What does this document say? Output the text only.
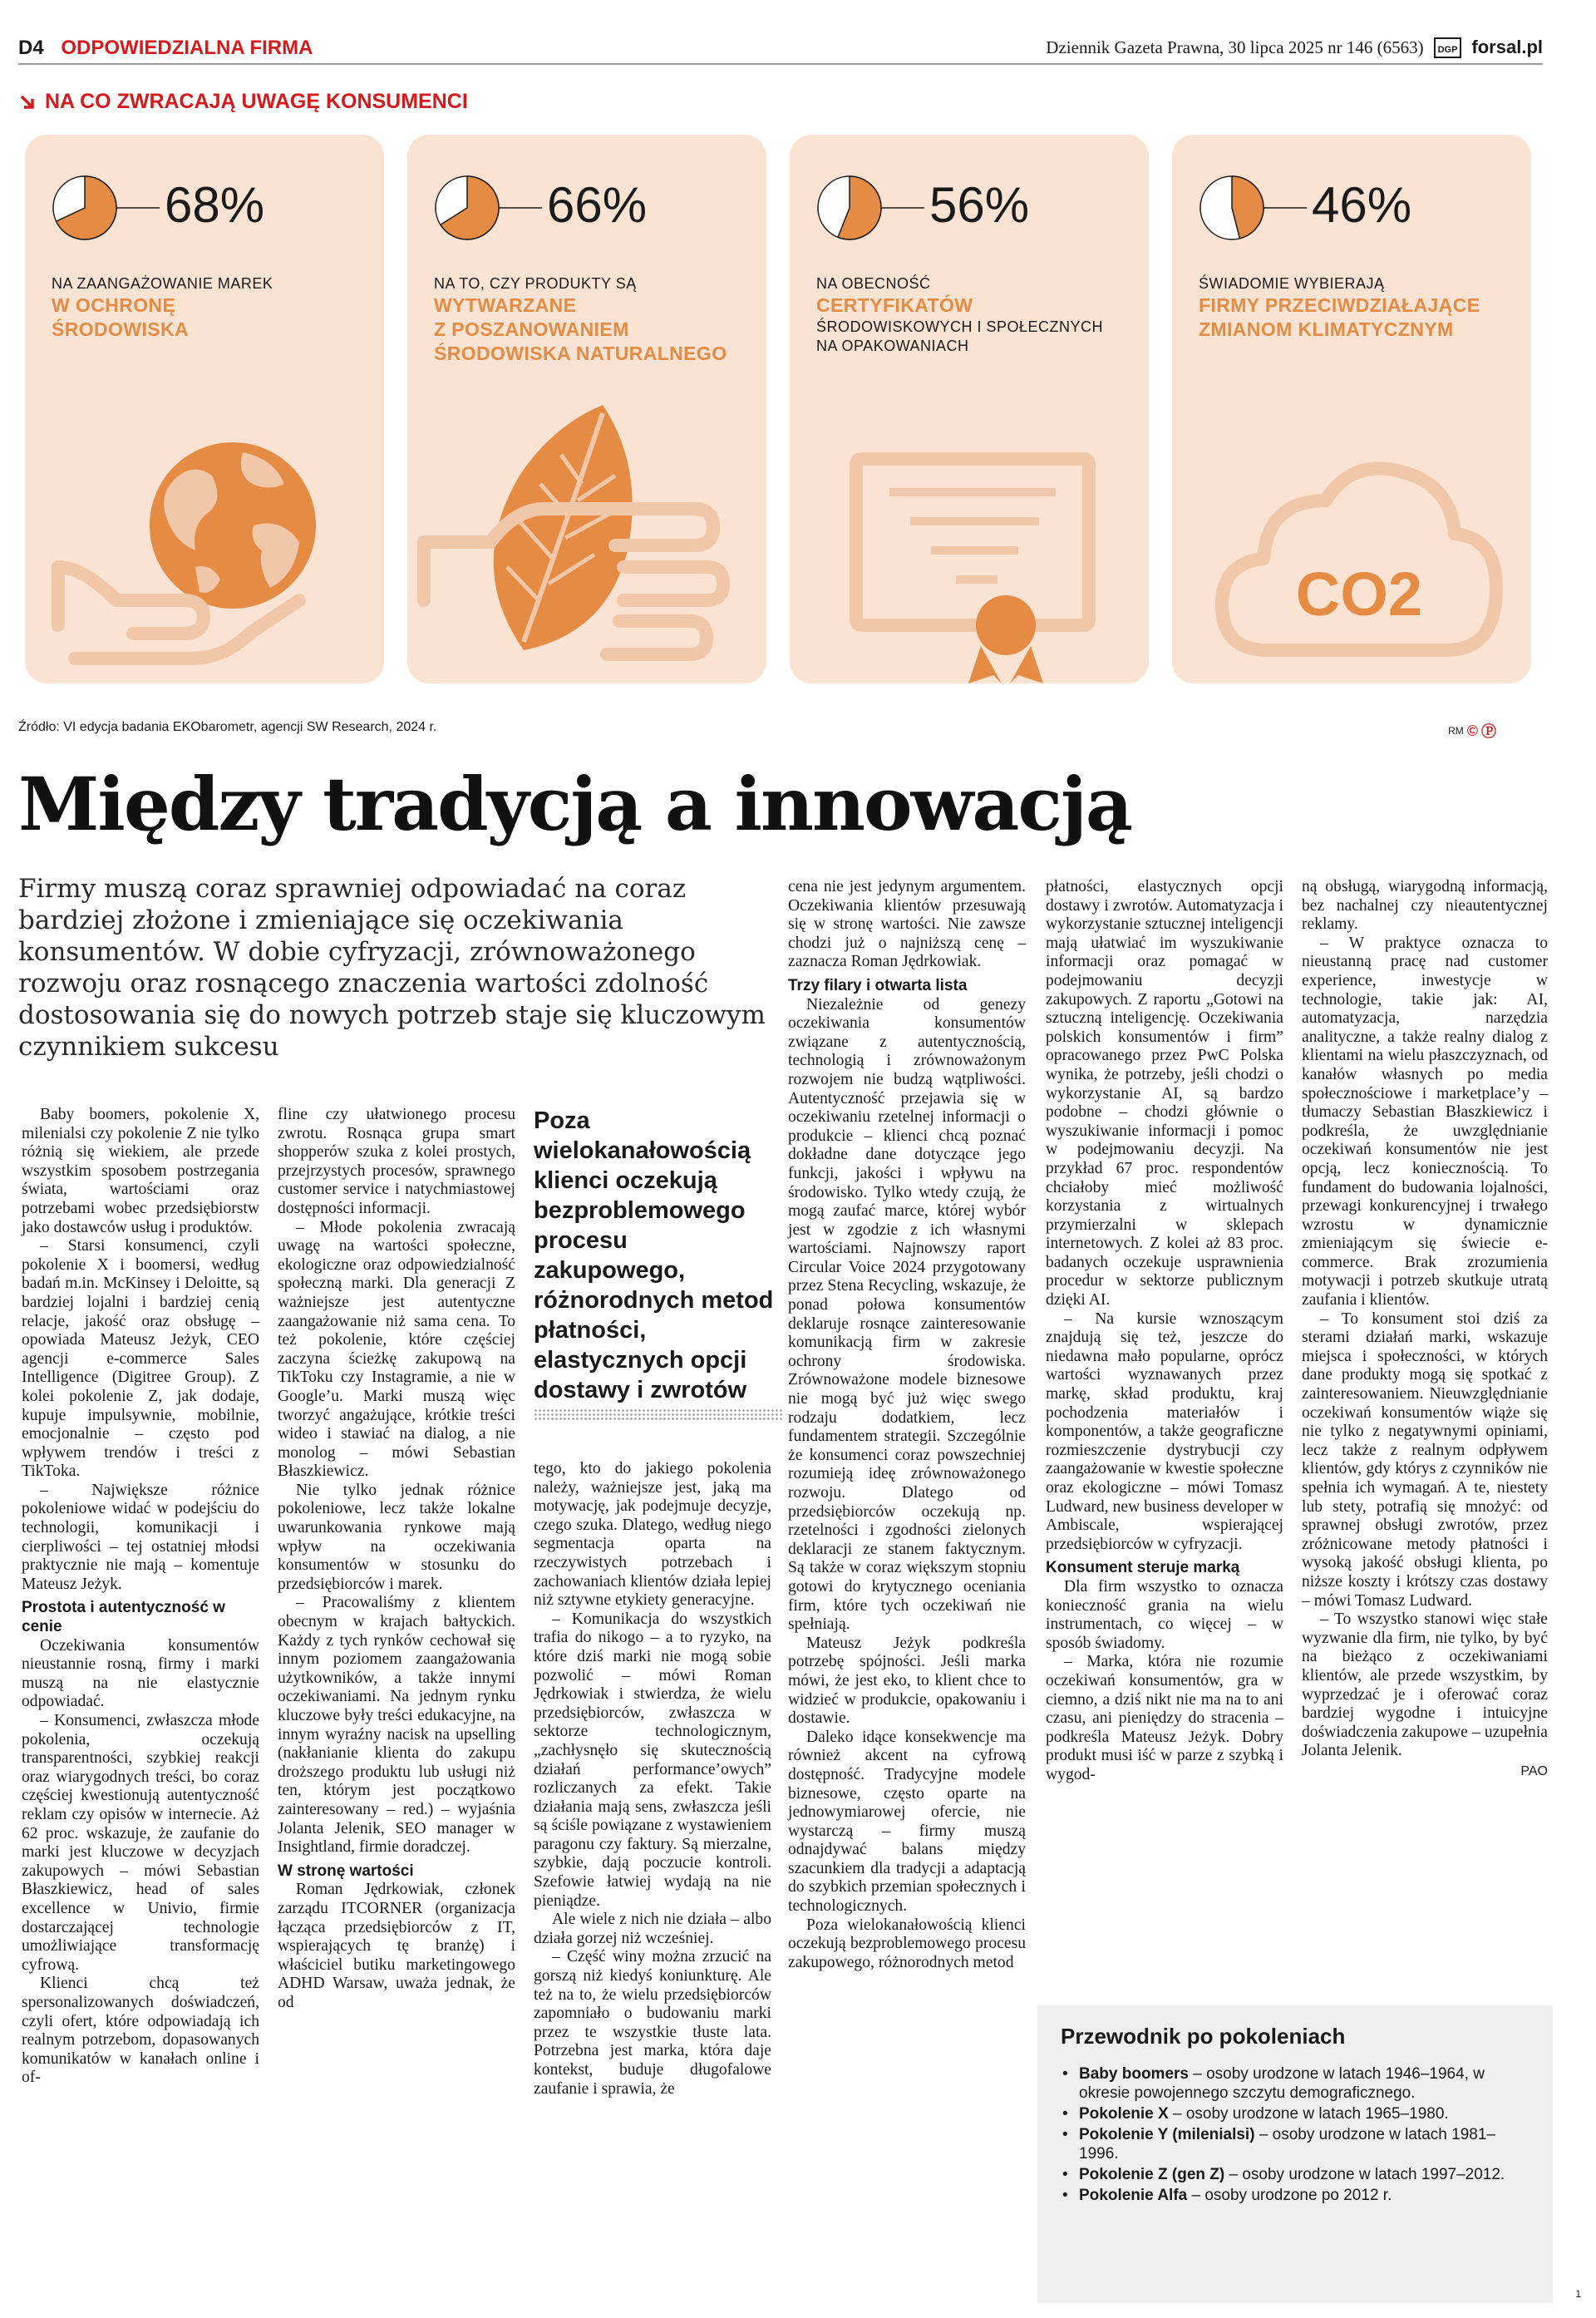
D4 ODPOWIEDZIALNA FIRMA	Dziennik Gazeta Prawna, 30 lipca 2025 nr 146 (6563)	DGP forsal.pl
NA CO ZWRACAJĄ UWAGĘ KONSUMENCI
68%
NA ZAANGAŻOWANIE MAREK
W OCHRONĘ
ŚRODOWISKA
66%
NA TO, CZY PRODUKTY SĄ
WYTWARZANE
Z POSZANOWANIEM
ŚRODOWISKA NATURALNEGO
56%
NA OBECNOŚĆ
CERTYFIKATÓW
ŚRODOWISKOWYCH I SPOŁECZNYCH
NA OPAKOWANIACH
46%
ŚWIADOMIE WYBIERAJĄ
FIRMY PRZECIWDZIAŁAJĄCE
ZMIANOM KLIMATYCZNYM
CO2
Źródło: VI edycja badania EKObarometr, agencji SW Research, 2024 r.	RM © Ⓟ
Między tradycją a innowacją
Firmy muszą coraz sprawniej odpowiadać na coraz bardziej złożone i zmieniające się oczekiwania konsumentów. W dobie cyfryzacji, zrównoważonego rozwoju oraz rosnącego znaczenia wartości zdolność dostosowania się do nowych potrzeb staje się kluczowym czynnikiem sukcesu

Baby boomers, pokolenie X, milenialsi czy pokolenie Z nie tylko różnią się wiekiem, ale przede wszystkim sposobem postrzegania świata, wartościami oraz potrzebami wobec przedsiębiorstw jako dostawców usług i produktów.

– Starsi konsumenci, czyli pokolenie X i boomersi, według badań m.in. McKinsey i Deloitte, są bardziej lojalni i bardziej cenią relacje, jakość oraz obsługę – opowiada Mateusz Jeżyk, CEO agencji e-commerce Sales Intelligence (Digitree Group). Z kolei pokolenie Z, jak dodaje, kupuje impulsywnie, mobilnie, emocjonalnie – często pod wpływem trendów i treści z TikToka.

– Największe różnice pokoleniowe widać w podejściu do technologii, komunikacji i cierpliwości – tej ostatniej młodsi praktycznie nie mają – komentuje Mateusz Jeżyk.

Prostota i autentyczność w cenie

Oczekiwania konsumentów nieustannie rosną, firmy i marki muszą na nie elastycznie odpowiadać.

– Konsumenci, zwłaszcza młode pokolenia, oczekują transparentności, szybkiej reakcji oraz wiarygodnych treści, bo coraz częściej kwestionują autentyczność reklam czy opisów w internecie. Aż 62 proc. wskazuje, że zaufanie do marki jest kluczowe w decyzjach zakupowych – mówi Sebastian Błaszkiewicz, head of sales excellence w Univio, firmie dostarczającej technologie umożliwiające transformację cyfrową.

Klienci chcą też spersonalizowanych doświadczeń, czyli ofert, które odpowiadają ich realnym potrzebom, dopasowanych komunikatów w kanałach online i of-

fline czy ułatwionego procesu zwrotu. Rosnąca grupa smart shopperów szuka z kolei prostych, przejrzystych procesów, sprawnego customer service i natychmiastowej dostępności informacji.

– Młode pokolenia zwracają uwagę na wartości społeczne, ekologiczne oraz odpowiedzialność społeczną marki. Dla generacji Z ważniejsze jest autentyczne zaangażowanie niż sama cena. To też pokolenie, które częściej zaczyna ścieżkę zakupową na TikToku czy Instagramie, a nie w Google’u. Marki muszą więc tworzyć angażujące, krótkie treści wideo i stawiać na dialog, a nie monolog – mówi Sebastian Błaszkiewicz.

Nie tylko jednak różnice pokoleniowe, lecz także lokalne uwarunkowania rynkowe mają wpływ na oczekiwania konsumentów w stosunku do przedsiębiorców i marek.

– Pracowaliśmy z klientem obecnym w krajach bałtyckich. Każdy z tych rynków cechował się innym poziomem zaangażowania użytkowników, a także innymi oczekiwaniami. Na jednym rynku kluczowe były treści edukacyjne, na innym wyraźny nacisk na upselling (nakłanianie klienta do zakupu droższego produktu lub usługi niż ten, którym jest początkowo zainteresowany – red.) – wyjaśnia Jolanta Jelenik, SEO manager w Insightland, firmie doradczej.

W stronę wartości

Roman Jędrkowiak, członek zarządu ITCORNER (organizacja łącząca przedsiębiorców z IT, wspierających tę branżę) i właściciel butiku marketingowego ADHD Warsaw, uważa jednak, że od

Poza wielokanałowością klienci oczekują bezproblemowego procesu zakupowego, różnorodnych metod płatności, elastycznych opcji dostawy i zwrotów

tego, kto do jakiego pokolenia należy, ważniejsze jest, jaką ma motywację, jak podejmuje decyzje, czego szuka. Dlatego, według niego segmentacja oparta na rzeczywistych potrzebach i zachowaniach klientów działa lepiej niż sztywne etykiety generacyjne.

– Komunikacja do wszystkich trafia do nikogo – a to ryzyko, na które dziś marki nie mogą sobie pozwolić – mówi Roman Jędrkowiak i stwierdza, że wielu przedsiębiorców, zwłaszcza w sektorze technologicznym, „zachłysnęło się skutecznością działań performance’owych” rozliczanych za efekt. Takie działania mają sens, zwłaszcza jeśli są ściśle powiązane z wystawieniem paragonu czy faktury. Są mierzalne, szybkie, dają poczucie kontroli. Szefowie łatwiej wydają na nie pieniądze.

Ale wiele z nich nie działa – albo działa gorzej niż wcześniej.

– Część winy można zrzucić na gorszą niż kiedyś koniunkturę. Ale też na to, że wielu przedsiębiorców zapomniało o budowaniu marki przez te wszystkie tłuste lata. Potrzebna jest marka, która daje kontekst, buduje długofalowe zaufanie i sprawia, że

cena nie jest jedynym argumentem. Oczekiwania klientów przesuwają się w stronę wartości. Nie zawsze chodzi już o najniższą cenę – zaznacza Roman Jędrkowiak.

Trzy filary i otwarta lista

Niezależnie od genezy oczekiwania konsumentów związane z autentycznością, technologią i zrównoważonym rozwojem nie budzą wątpliwości. Autentyczność przejawia się w oczekiwaniu rzetelnej informacji o produkcie – klienci chcą poznać dokładne dane dotyczące jego funkcji, jakości i wpływu na środowisko. Tylko wtedy czują, że mogą zaufać marce, której wybór jest w zgodzie z ich własnymi wartościami. Najnowszy raport Circular Voice 2024 przygotowany przez Stena Recycling, wskazuje, że ponad połowa konsumentów deklaruje rosnące zainteresowanie komunikacją firm w zakresie ochrony środowiska. Zrównoważone modele biznesowe nie mogą być już więc swego rodzaju dodatkiem, lecz fundamentem strategii. Szczególnie że konsumenci coraz powszechniej rozumieją ideę zrównoważonego rozwoju. Dlatego od przedsiębiorców oczekują np. rzetelności i zgodności zielonych deklaracji ze stanem faktycznym. Są także w coraz większym stopniu gotowi do krytycznego oceniania firm, które tych oczekiwań nie spełniają.

Mateusz Jeżyk podkreśla potrzebę spójności. Jeśli marka mówi, że jest eko, to klient chce to widzieć w produkcie, opakowaniu i dostawie.

Daleko idące konsekwencje ma również akcent na cyfrową dostępność. Tradycyjne modele biznesowe, często oparte na jednowymiarowej ofercie, nie wystarczą – firmy muszą odnajdywać balans między szacunkiem dla tradycji a adaptacją do szybkich przemian społecznych i technologicznych.

Poza wielokanałowością klienci oczekują bezproblemowego procesu zakupowego, różnorodnych metod

płatności, elastycznych opcji dostawy i zwrotów. Automatyzacja i wykorzystanie sztucznej inteligencji mają ułatwiać im wyszukiwanie informacji oraz pomagać w podejmowaniu decyzji zakupowych. Z raportu „Gotowi na sztuczną inteligencję. Oczekiwania polskich konsumentów i firm” opracowanego przez PwC Polska wynika, że potrzeby, jeśli chodzi o wykorzystanie AI, są bardzo podobne – chodzi głównie o wyszukiwanie informacji i pomoc w podejmowaniu decyzji. Na przykład 67 proc. respondentów chciałoby mieć możliwość korzystania z wirtualnych przymierzalni w sklepach internetowych. Z kolei aż 83 proc. badanych oczekuje usprawnienia procedur w sektorze publicznym dzięki AI.

– Na kursie wznoszącym znajdują się też, jeszcze do niedawna mało popularne, oprócz wartości wyznawanych przez markę, skład produktu, kraj pochodzenia materiałów i komponentów, a także geograficzne rozmieszczenie dystrybucji czy zaangażowanie w kwestie społeczne oraz ekologiczne – mówi Tomasz Ludward, new business developer w Ambiscale, wspierającej przedsiębiorców w cyfryzacji.

Konsument steruje marką

Dla firm wszystko to oznacza konieczność grania na wielu instrumentach, co więcej – w sposób świadomy.

– Marka, która nie rozumie oczekiwań konsumentów, gra w ciemno, a dziś nikt nie ma na to ani czasu, ani pieniędzy do stracenia – podkreśla Mateusz Jeżyk. Dobry produkt musi iść w parze z szybką i wygod-

ną obsługą, wiarygodną informacją, bez nachalnej czy nieautentycznej reklamy.

– W praktyce oznacza to nieustanną pracę nad customer experience, inwestycje w technologie, takie jak: AI, automatyzacja, narzędzia analityczne, a także realny dialog z klientami na wielu płaszczyznach, od kanałów własnych po media społecznościowe i marketplace’y – tłumaczy Sebastian Błaszkiewicz i podkreśla, że uwzględnianie oczekiwań konsumentów nie jest opcją, lecz koniecznością. To fundament do budowania lojalności, przewagi konkurencyjnej i trwałego wzrostu w dynamicznie zmieniającym się świecie e-commerce. Brak zrozumienia motywacji i potrzeb skutkuje utratą zaufania i klientów.

– To konsument stoi dziś za sterami działań marki, wskazuje miejsca i społeczności, w których dane produkty mogą się spotkać z zainteresowaniem. Nieuwzględnianie oczekiwań konsumentów wiąże się nie tylko z negatywnymi opiniami, lecz także z realnym odpływem klientów, gdy którys z czynników nie spełnia ich wymagań. A te, niestety lub stety, potrafią się mnożyć: od sprawnej obsługi zwrotów, przez zróżnicowane metody płatności i wysoką jakość obsługi klienta, po niższe koszty i krótszy czas dostawy – mówi Tomasz Ludward.

– To wszystko stanowi więc stałe wyzwanie dla firm, nie tylko, by być na bieżąco z oczekiwaniami klientów, ale przede wszystkim, by wyprzedzać je i oferować coraz bardziej wygodne i intuicyjne doświadczenia zakupowe – uzupełnia Jolanta Jelenik.

PAO
Przewodnik po pokoleniach
• Baby boomers – osoby urodzone w latach 1946–1964, w okresie powojennego szczytu demograficznego.
• Pokolenie X – osoby urodzone w latach 1965–1980.
• Pokolenie Y (milenialsi) – osoby urodzone w latach 1981–1996.
• Pokolenie Z (gen Z) – osoby urodzone w latach 1997–2012.
• Pokolenie Alfa – osoby urodzone po 2012 r.
1
